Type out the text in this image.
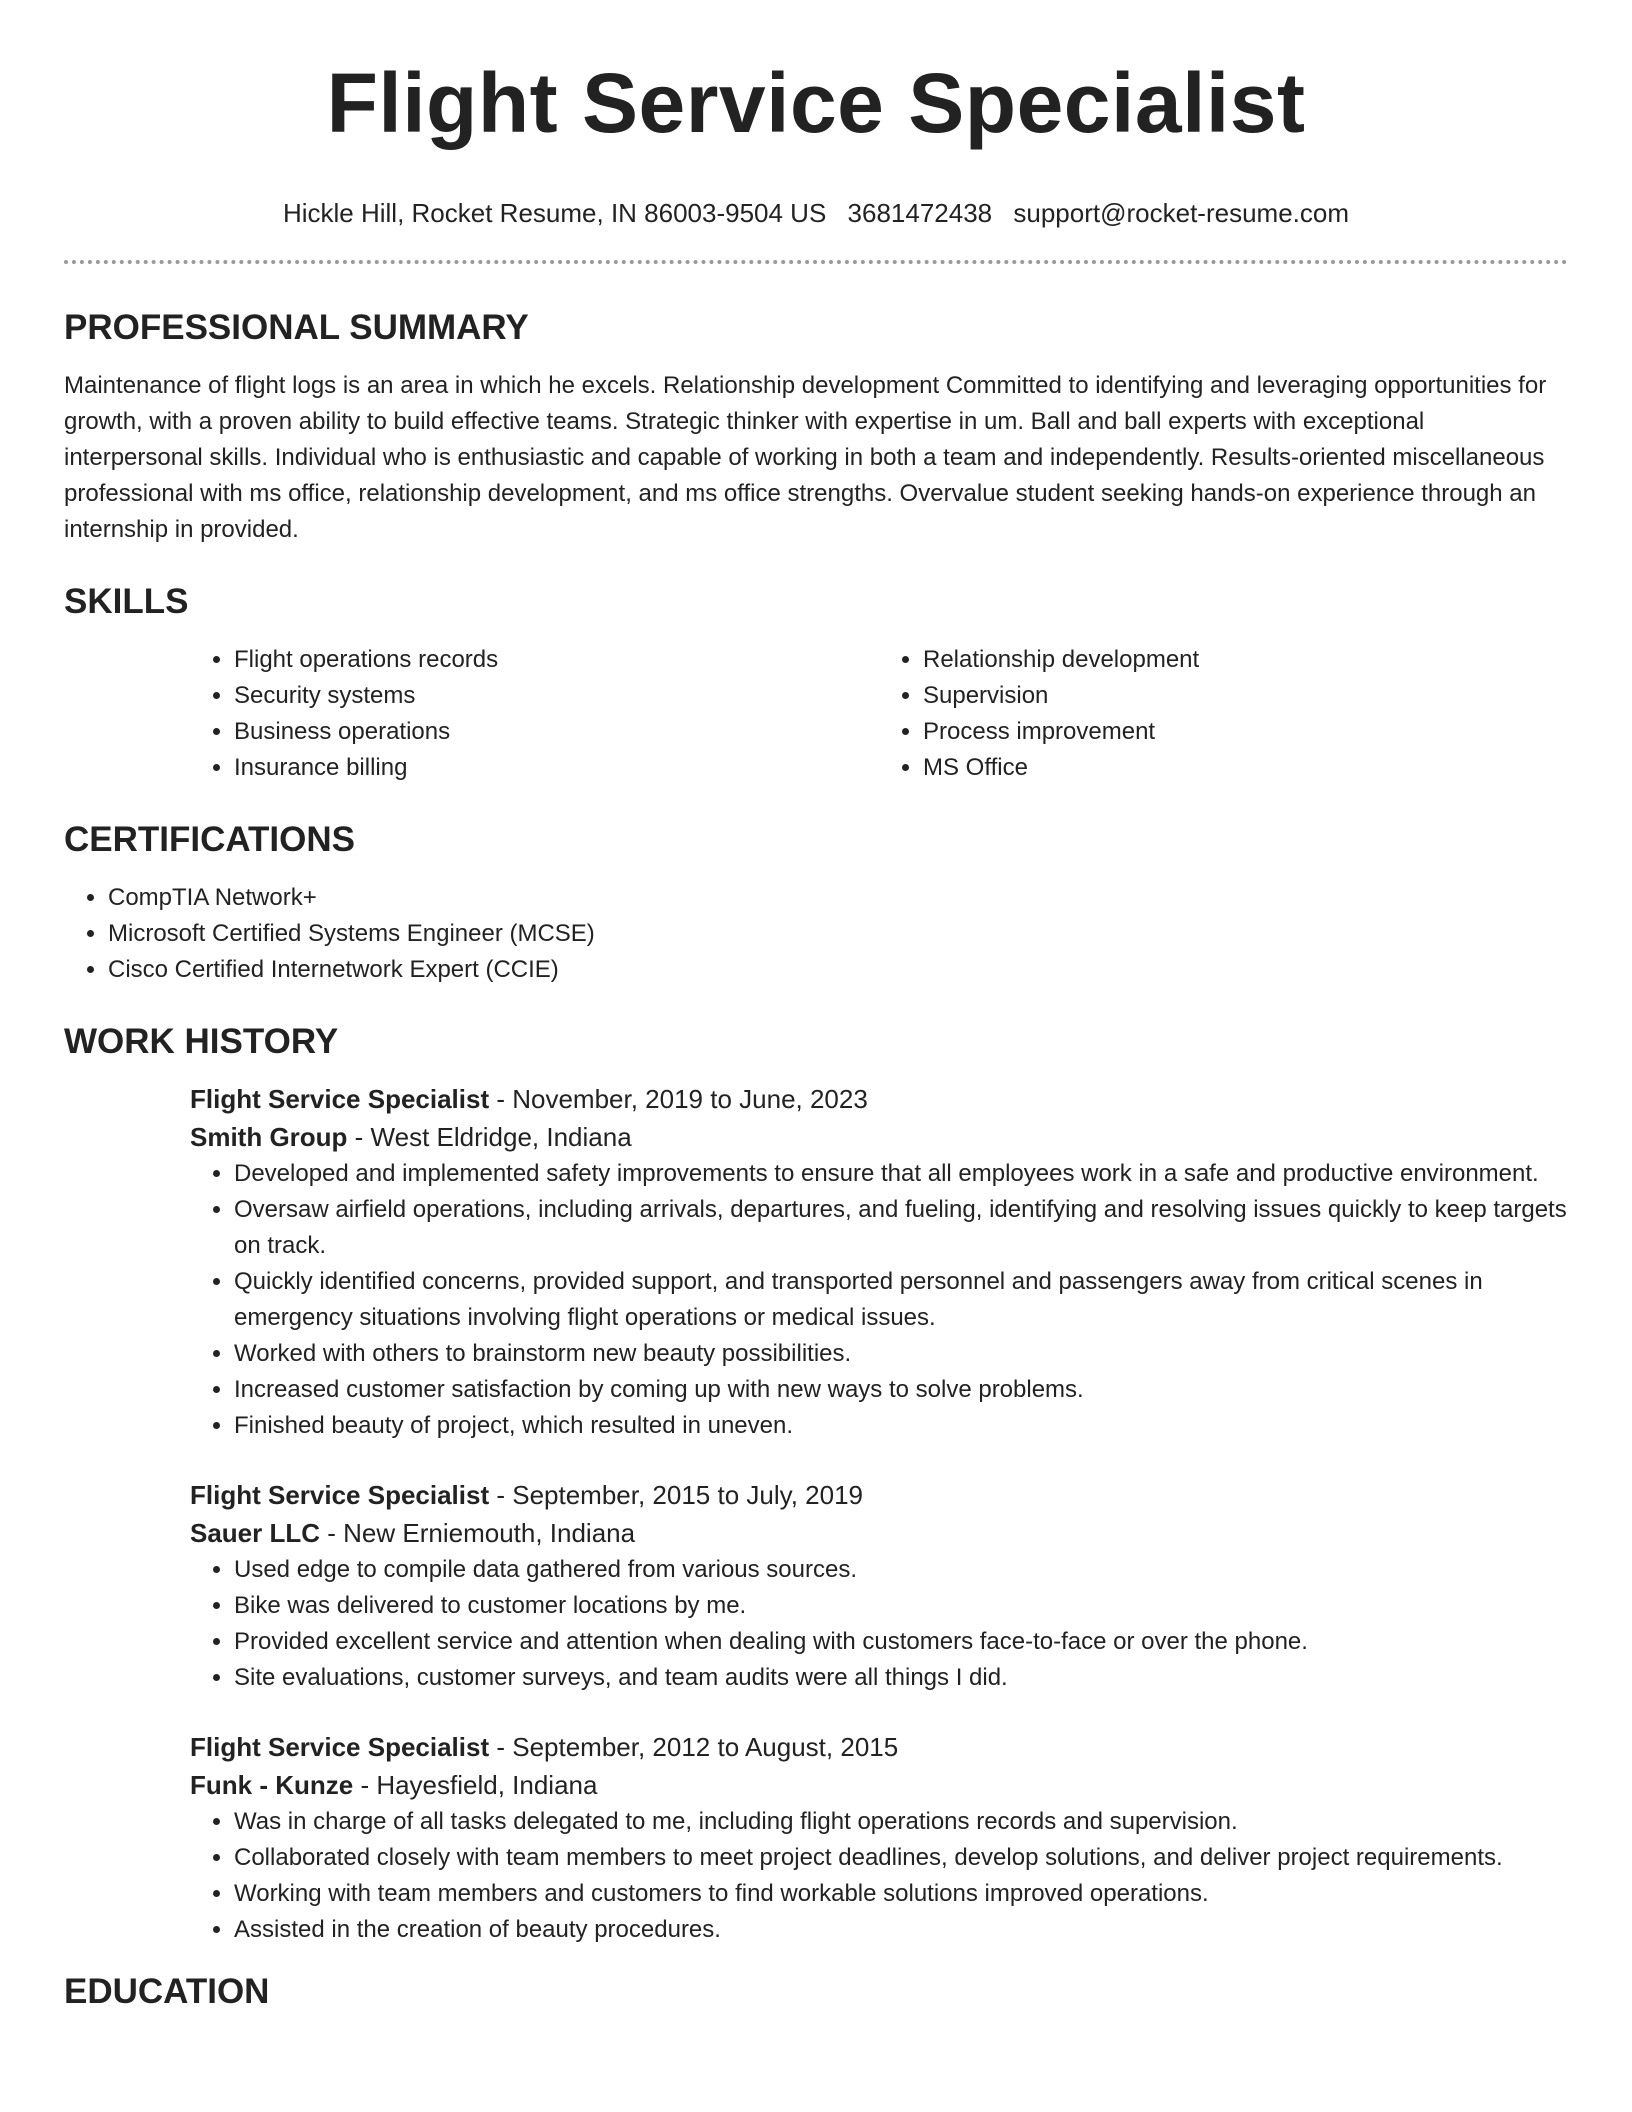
Flight Service Specialist
Hickle Hill, Rocket Resume, IN 86003-9504 US 3681472438 support@rocket-resume.com
PROFESSIONAL SUMMARY

Maintenance of flight logs is an area in which he excels. Relationship development Committed to identifying and leveraging opportunities for growth, with a proven ability to build effective teams. Strategic thinker with expertise in um. Ball and ball experts with exceptional interpersonal skills. Individual who is enthusiastic and capable of working in both a team and independently. Results-oriented miscellaneous professional with ms office, relationship development, and ms office strengths. Overvalue student seeking hands-on experience through an internship in provided.

SKILLS
• Flight operations records
• Security systems
• Business operations
• Insurance billing
• Relationship development
• Supervision
• Process improvement
• MS Office
CERTIFICATIONS
• CompTIA Network+
• Microsoft Certified Systems Engineer (MCSE)
• Cisco Certified Internetwork Expert (CCIE)
WORK HISTORY
Flight Service Specialist - November, 2019 to June, 2023
Smith Group - West Eldridge, Indiana
• Developed and implemented safety improvements to ensure that all employees work in a safe and productive environment.
• Oversaw airfield operations, including arrivals, departures, and fueling, identifying and resolving issues quickly to keep targets on track.
• Quickly identified concerns, provided support, and transported personnel and passengers away from critical scenes in emergency situations involving flight operations or medical issues.
• Worked with others to brainstorm new beauty possibilities.
• Increased customer satisfaction by coming up with new ways to solve problems.
• Finished beauty of project, which resulted in uneven.
Flight Service Specialist - September, 2015 to July, 2019
Sauer LLC - New Erniemouth, Indiana
• Used edge to compile data gathered from various sources.
• Bike was delivered to customer locations by me.
• Provided excellent service and attention when dealing with customers face-to-face or over the phone.
• Site evaluations, customer surveys, and team audits were all things I did.
Flight Service Specialist - September, 2012 to August, 2015
Funk - Kunze - Hayesfield, Indiana
• Was in charge of all tasks delegated to me, including flight operations records and supervision.
• Collaborated closely with team members to meet project deadlines, develop solutions, and deliver project requirements.
• Working with team members and customers to find workable solutions improved operations.
• Assisted in the creation of beauty procedures.
EDUCATION
